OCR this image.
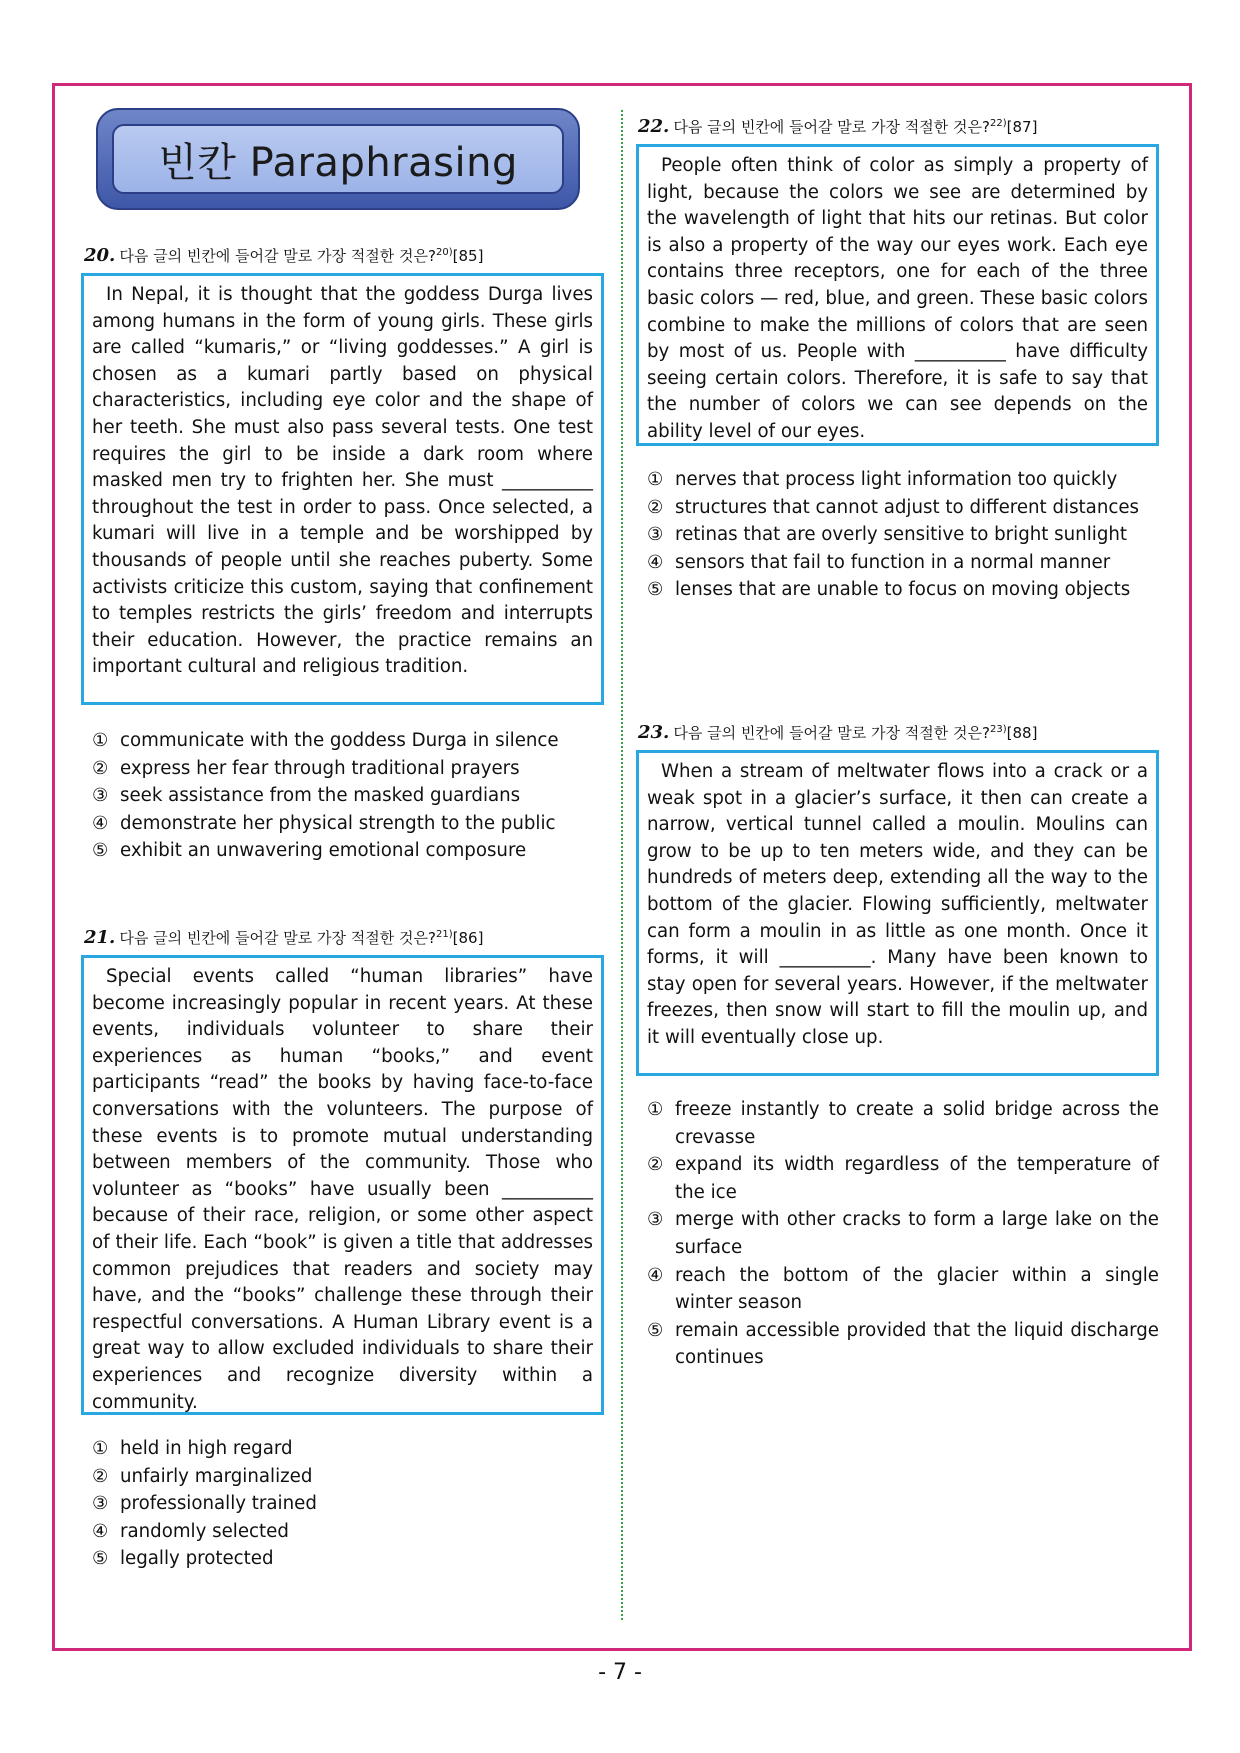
빈칸 Paraphrasing
20. 다음 글의 빈칸에 들어갈 말로 가장 적절한 것은?$^{20)}$[85]

In Nepal, it is thought that the goddess Durga lives among humans in the form of young girls. These girls are called “kumaris,” or “living goddesses.” A girl is chosen as a kumari partly based on physical characteristics, including eye color and the shape of her teeth. She must also pass several tests. One test requires the girl to be inside a dark room where masked men try to frighten her. She must __________ throughout the test in order to pass. Once selected, a kumari will live in a temple and be worshipped by thousands of people until she reaches puberty. Some activists criticize this custom, saying that confinement to temples restricts the girls’ freedom and interrupts their education. However, the practice remains an important cultural and religious tradition.

① communicate with the goddess Durga in silence
② express her fear through traditional prayers
③ seek assistance from the masked guardians
④ demonstrate her physical strength to the public
⑤ exhibit an unwavering emotional composure
21. 다음 글의 빈칸에 들어갈 말로 가장 적절한 것은?$^{21)}$[86]

Special events called “human libraries” have become increasingly popular in recent years. At these events, individuals volunteer to share their experiences as human “books,” and event participants “read” the books by having face-to-face conversations with the volunteers. The purpose of these events is to promote mutual understanding between members of the community. Those who volunteer as “books” have usually been __________ because of their race, religion, or some other aspect of their life. Each “book” is given a title that addresses common prejudices that readers and society may have, and the “books” challenge these through their respectful conversations. A Human Library event is a great way to allow excluded individuals to share their experiences and recognize diversity within a community.

① held in high regard
② unfairly marginalized
③ professionally trained
④ randomly selected
⑤ legally protected
22. 다음 글의 빈칸에 들어갈 말로 가장 적절한 것은?$^{22)}$[87]

People often think of color as simply a property of light, because the colors we see are determined by the wavelength of light that hits our retinas. But color is also a property of the way our eyes work. Each eye contains three receptors, one for each of the three basic colors — red, blue, and green. These basic colors combine to make the millions of colors that are seen by most of us. People with __________ have difficulty seeing certain colors. Therefore, it is safe to say that the number of colors we can see depends on the ability level of our eyes.

① nerves that process light information too quickly
② structures that cannot adjust to different distances
③ retinas that are overly sensitive to bright sunlight
④ sensors that fail to function in a normal manner
⑤ lenses that are unable to focus on moving objects
23. 다음 글의 빈칸에 들어갈 말로 가장 적절한 것은?$^{23)}$[88]

When a stream of meltwater flows into a crack or a weak spot in a glacier’s surface, it then can create a narrow, vertical tunnel called a moulin. Moulins can grow to be up to ten meters wide, and they can be hundreds of meters deep, extending all the way to the bottom of the glacier. Flowing sufficiently, meltwater can form a moulin in as little as one month. Once it forms, it will __________. Many have been known to stay open for several years. However, if the meltwater freezes, then snow will start to fill the moulin up, and it will eventually close up.

① freeze instantly to create a solid bridge across the crevasse
② expand its width regardless of the temperature of the ice
③ merge with other cracks to form a large lake on the surface
④ reach the bottom of the glacier within a single winter season
⑤ remain accessible provided that the liquid discharge continues
- 7 -
